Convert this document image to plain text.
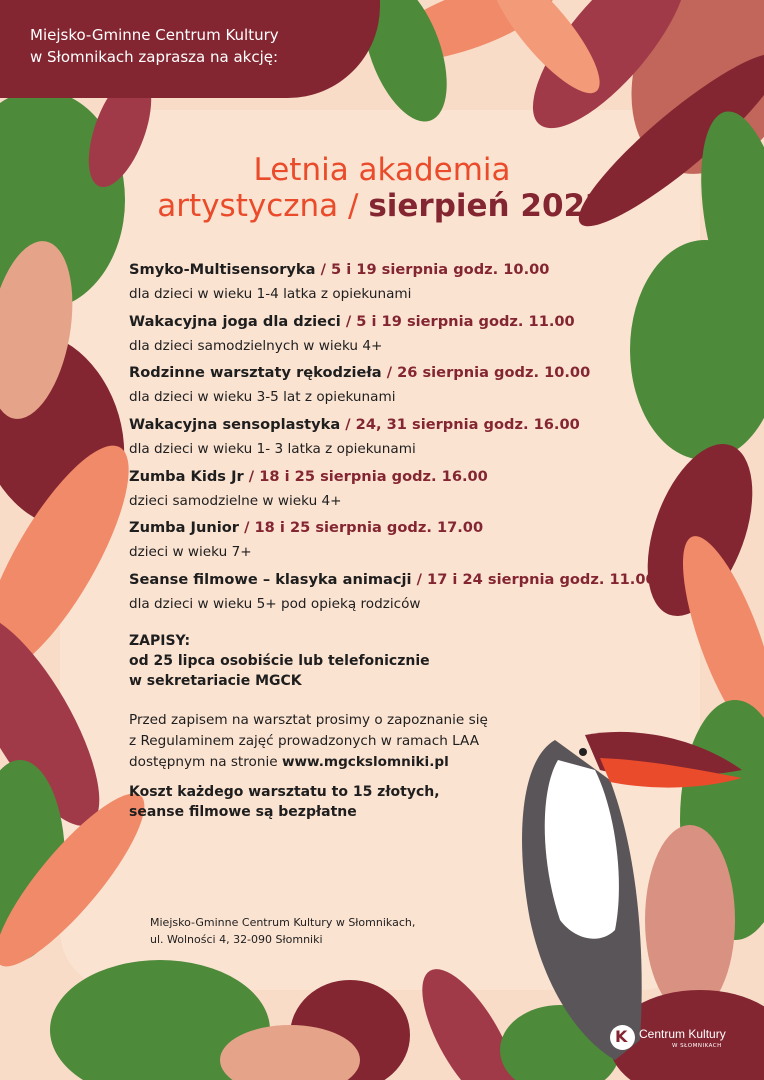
Miejsko-Gminne Centrum Kultury
w Słomnikach zaprasza na akcję:
Letnia akademia
artystyczna / sierpień 2022
Smyko-Multisensoryka / 5 i 19 sierpnia godz. 10.00
dla dzieci w wieku 1-4 latka z opiekunami
Wakacyjna joga dla dzieci / 5 i 19 sierpnia godz. 11.00
dla dzieci samodzielnych w wieku 4+
Rodzinne warsztaty rękodzieła / 26 sierpnia godz. 10.00
dla dzieci w wieku 3-5 lat z opiekunami
Wakacyjna sensoplastyka / 24, 31 sierpnia godz. 16.00
dla dzieci w wieku 1- 3 latka z opiekunami
Zumba Kids Jr / 18 i 25 sierpnia godz. 16.00
dzieci samodzielne w wieku 4+
Zumba Junior / 18 i 25 sierpnia godz. 17.00
dzieci w wieku 7+
Seanse filmowe – klasyka animacji / 17 i 24 sierpnia godz. 11.00
dla dzieci w wieku 5+ pod opieką rodziców
ZAPISY:
od 25 lipca osobiście lub telefonicznie
w sekretariacie MGCK
Przed zapisem na warsztat prosimy o zapoznanie się
z Regulaminem zajęć prowadzonych w ramach LAA
dostępnym na stronie www.mgckslomniki.pl
Koszt każdego warsztatu to 15 złotych,
seanse filmowe są bezpłatne
Miejsko-Gminne Centrum Kultury w Słomnikach,
ul. Wolności 4, 32-090 Słomniki
K Centrum Kultury
W SŁOMNIKACH
